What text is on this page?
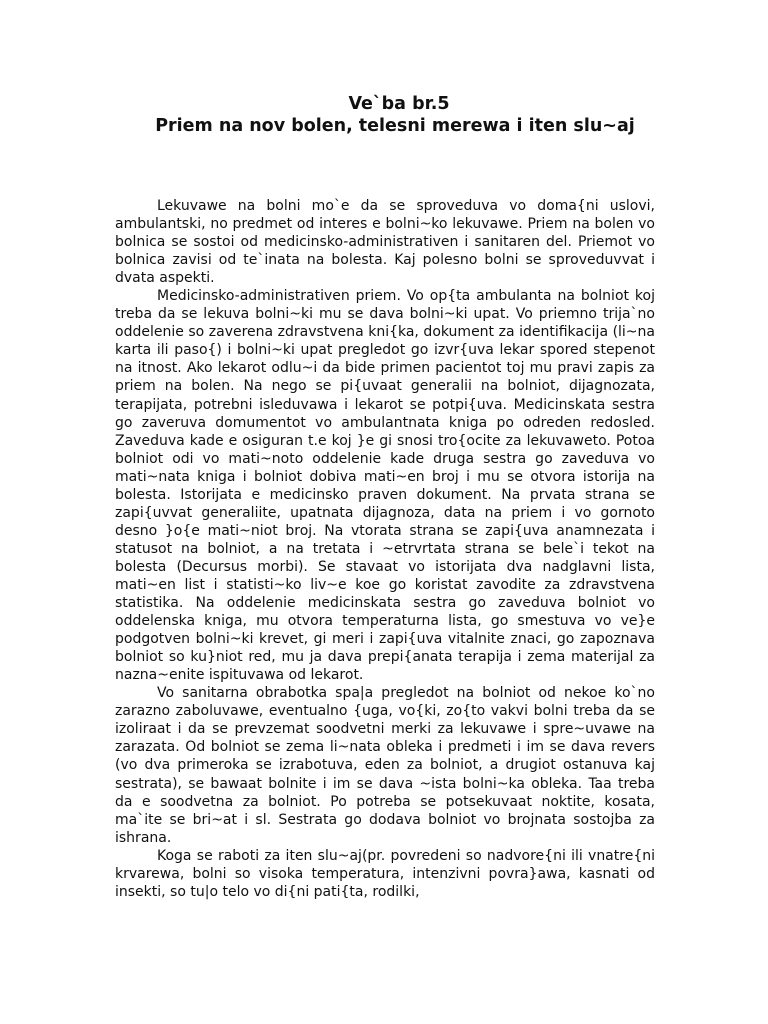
Ve`ba br.5
Priem na nov bolen, telesni merewa i iten slu~aj

Lekuvawe na bolni mo`e da se sproveduva vo doma{ni uslovi, ambulantski, no predmet od interes e bolni~ko lekuvawe. Priem na bolen vo bolnica se sostoi od medicinsko-administrativen i sanitaren del. Priemot vo bolnica zavisi od te`inata na bolesta. Kaj polesno bolni se sproveduvvat i dvata aspekti.

Medicinsko-administrativen priem. Vo op{ta ambulanta na bolniot koj treba da se lekuva bolni~ki mu se dava bolni~ki upat. Vo priemno trija`no oddelenie so zaverena zdravstvena kni{ka, dokument za identifikacija (li~na karta ili paso{) i bolni~ki upat pregledot go izvr{uva lekar spored stepenot na itnost. Ako lekarot odlu~i da bide primen pacientot toj mu pravi zapis za priem na bolen. Na nego se pi{uvaat generalii na bolniot, dijagnozata, terapijata, potrebni isleduvawa i lekarot se potpi{uva. Medicinskata sestra go zaveruva domumentot vo ambulantnata kniga po odreden redosled. Zaveduva kade e osiguran t.e koj }e gi snosi tro{ocite za lekuvaweto. Potoa bolniot odi vo mati~noto oddelenie kade druga sestra go zaveduva vo mati~nata kniga i bolniot dobiva mati~en broj i mu se otvora istorija na bolesta. Istorijata e medicinsko praven dokument. Na prvata strana se zapi{uvvat generaliite, upatnata dijagnoza, data na priem i vo gornoto desno }o{e mati~niot broj. Na vtorata strana se zapi{uva anamnezata i statusot na bolniot, a na tretata i ~etrvrtata strana se bele`i tekot na bolesta (Decursus morbi). Se stavaat vo istorijata dva nadglavni lista, mati~en list i statisti~ko liv~e koe go koristat zavodite za zdravstvena statistika. Na oddelenie medicinskata sestra go zaveduva bolniot vo oddelenska kniga, mu otvora temperaturna lista, go smestuva vo ve}e podgotven bolni~ki krevet, gi meri i zapi{uva vitalnite znaci, go zapoznava bolniot so ku}niot red, mu ja dava prepi{anata terapija i zema materijal za nazna~enite ispituvawa od lekarot.

Vo sanitarna obrabotka spa|a pregledot na bolniot od nekoe ko`no zarazno zaboluvawe, eventualno {uga, vo{ki, zo{to vakvi bolni treba da se izoliraat i da se prevzemat soodvetni merki za lekuvawe i spre~uvawe na zarazata. Od bolniot se zema li~nata obleka i predmeti i im se dava revers (vo dva primeroka se izrabotuva, eden za bolniot, a drugiot ostanuva kaj sestrata), se bawaat bolnite i im se dava ~ista bolni~ka obleka. Taa treba da e soodvetna za bolniot. Po potreba se potsekuvaat noktite, kosata, ma`ite se bri~at i sl. Sestrata go dodava bolniot vo brojnata sostojba za ishrana.

Koga se raboti za iten slu~aj(pr. povredeni so nadvore{ni ili vnatre{ni krvarewa, bolni so visoka temperatura, intenzivni povra}awa, kasnati od insekti, so tu|o telo vo di{ni pati{ta, rodilki,
